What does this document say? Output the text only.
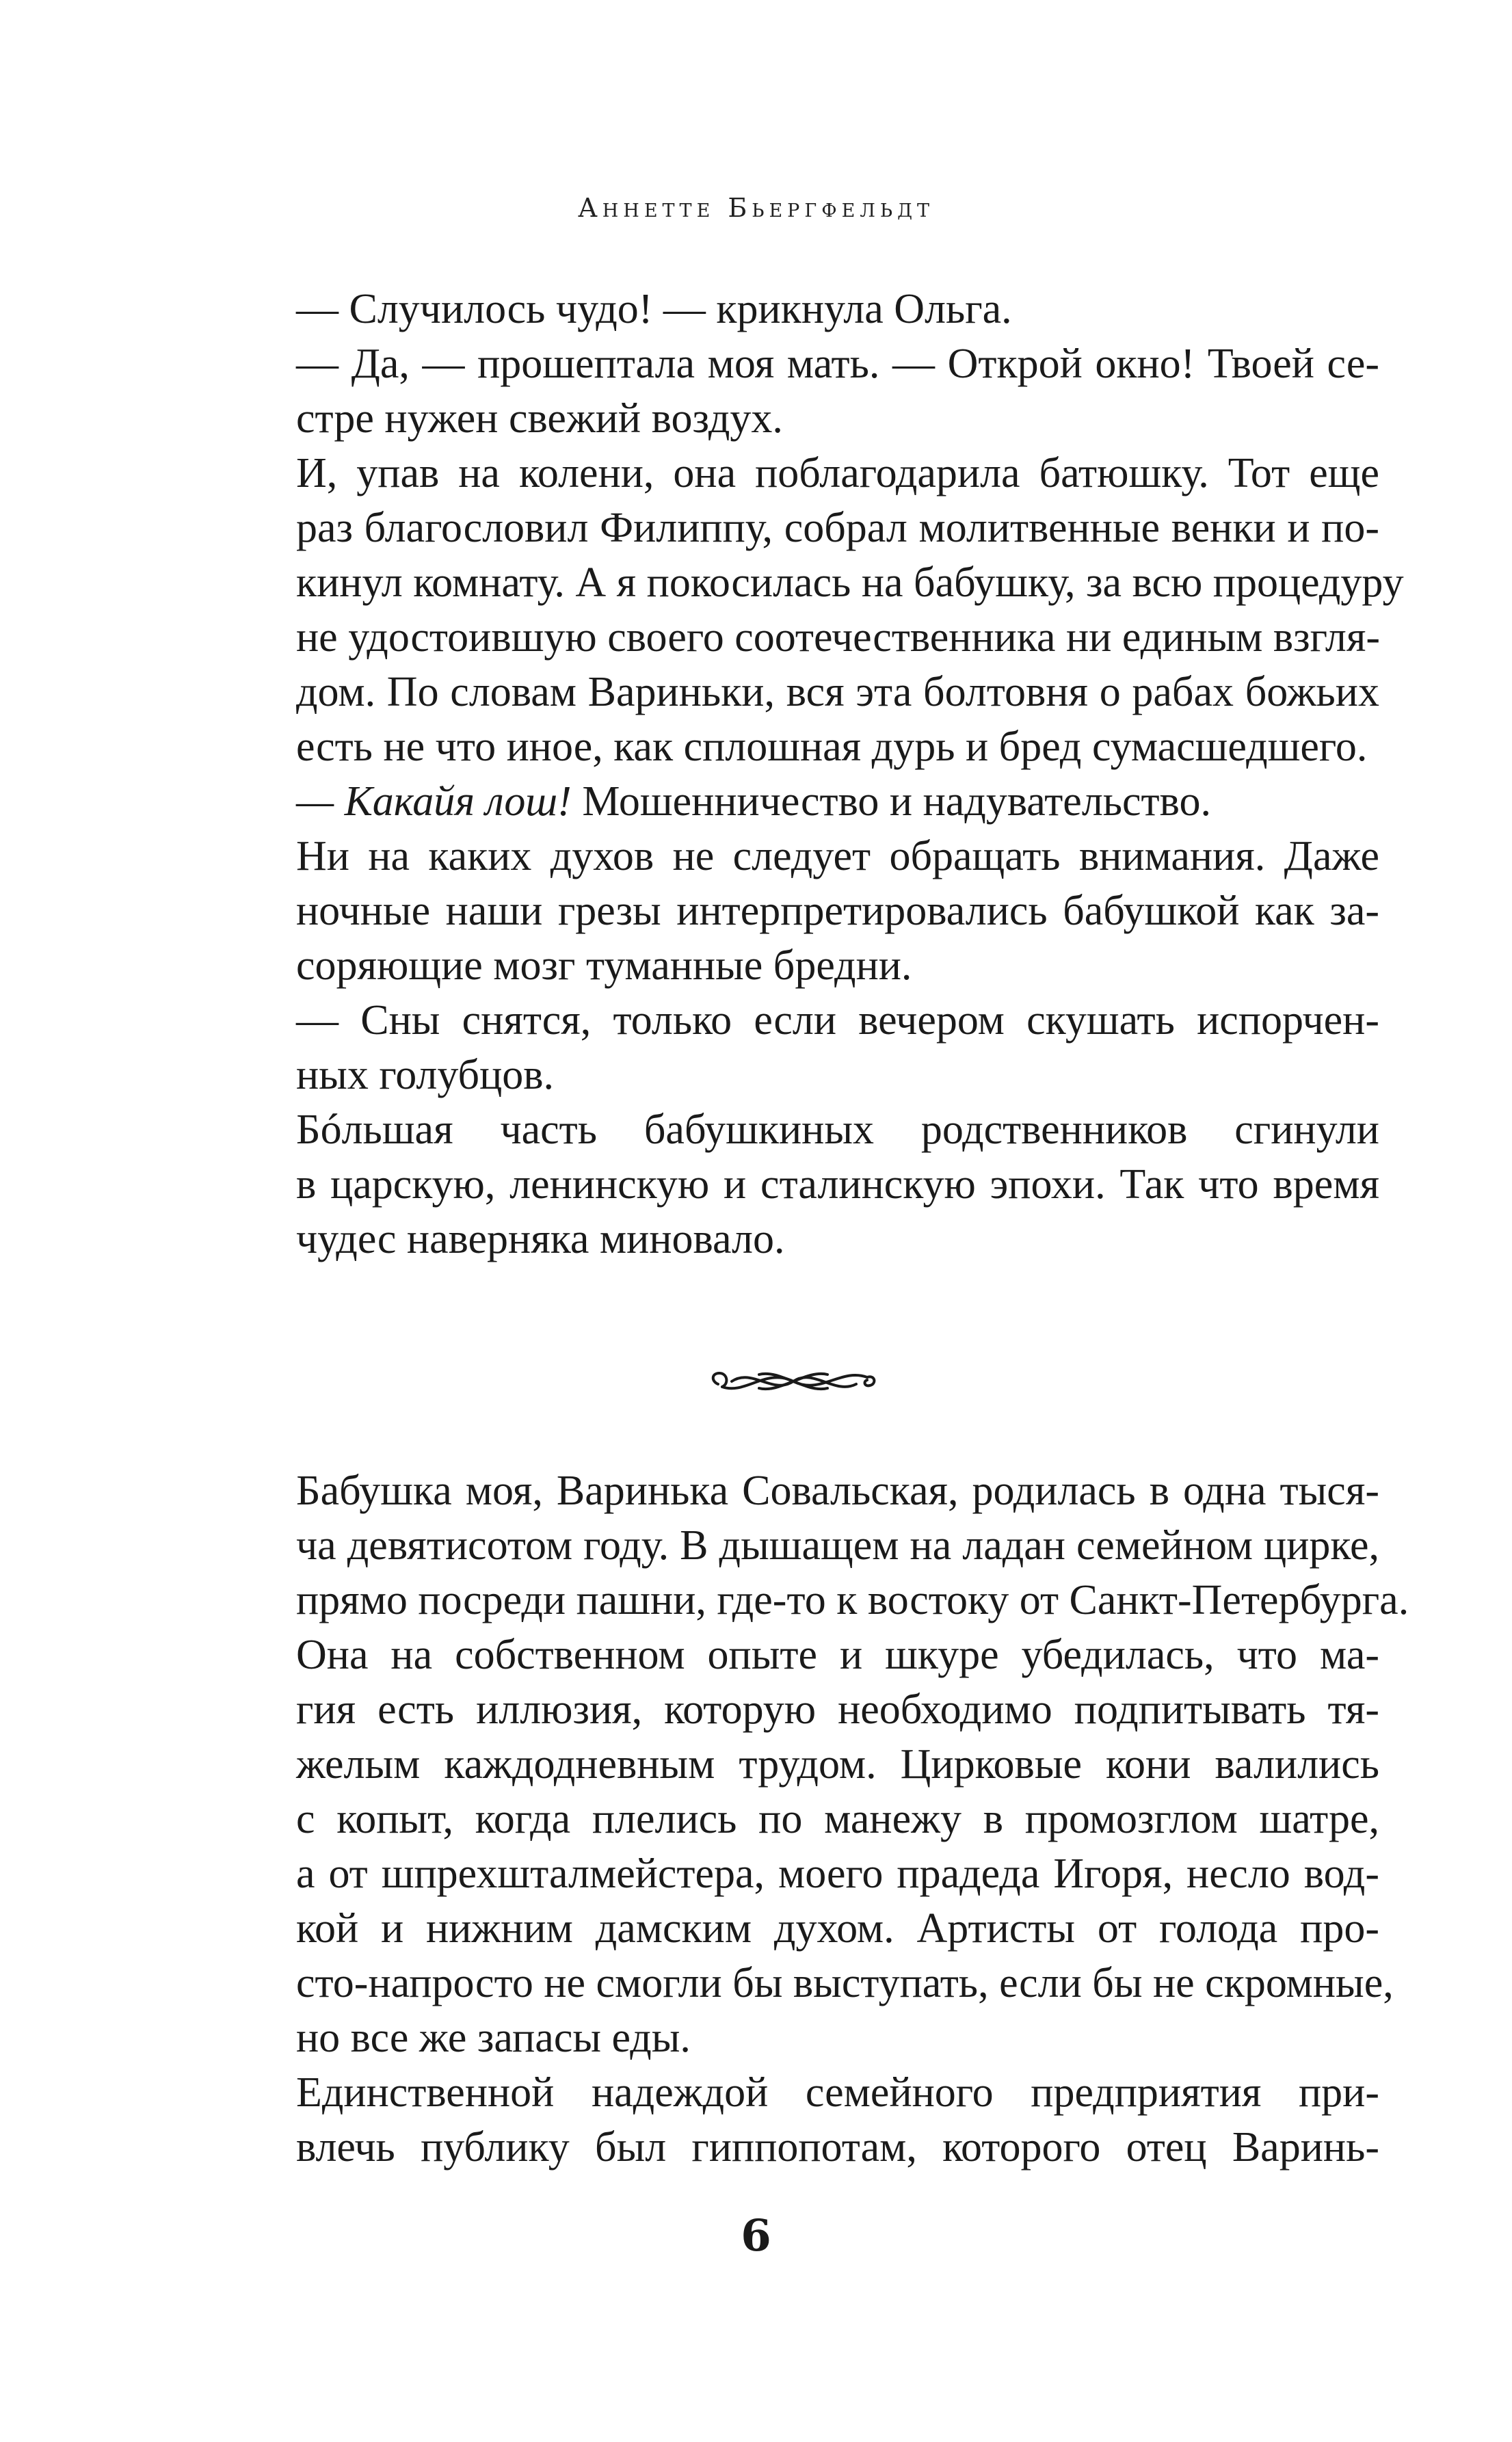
Аннетте Бьергфельдт
— Случилось чудо! — крикнула Ольга.
— Да, — прошептала моя мать. — Открой окно! Твоей се-
стре нужен свежий воздух.
И, упав на колени, она поблагодарила батюшку. Тот еще
раз благословил Филиппу, собрал молитвенные венки и по-
кинул комнату. А я покосилась на бабушку, за всю процедуру
не удостоившую своего соотечественника ни единым взгля-
дом. По словам Вариньки, вся эта болтовня о рабах божьих
есть не что иное, как сплошная дурь и бред сумасшедшего.
— Какайя лош! Мошенничество и надувательство.
Ни на каких духов не следует обращать внимания. Даже
ночные наши грезы интерпретировались бабушкой как за-
соряющие мозг туманные бредни.
— Сны снятся, только если вечером скушать испорчен-
ных голубцов.
Бóльшая часть бабушкиных родственников сгинули
в царскую, ленинскую и сталинскую эпохи. Так что время
чудес наверняка миновало.
Бабушка моя, Варинька Совальская, родилась в одна тыся-
ча девятисотом году. В дышащем на ладан семейном цирке,
прямо посреди пашни, где-то к востоку от Санкт-Петербурга.
Она на собственном опыте и шкуре убедилась, что ма-
гия есть иллюзия, которую необходимо подпитывать тя-
желым каждодневным трудом. Цирковые кони валились
с копыт, когда плелись по манежу в промозглом шатре,
а от шпрехшталмейстера, моего прадеда Игоря, несло вод-
кой и нижним дамским духом. Артисты от голода про-
сто-напросто не смогли бы выступать, если бы не скромные,
но все же запасы еды.
Единственной надеждой семейного предприятия при-
влечь публику был гиппопотам, которого отец Варинь-
6
